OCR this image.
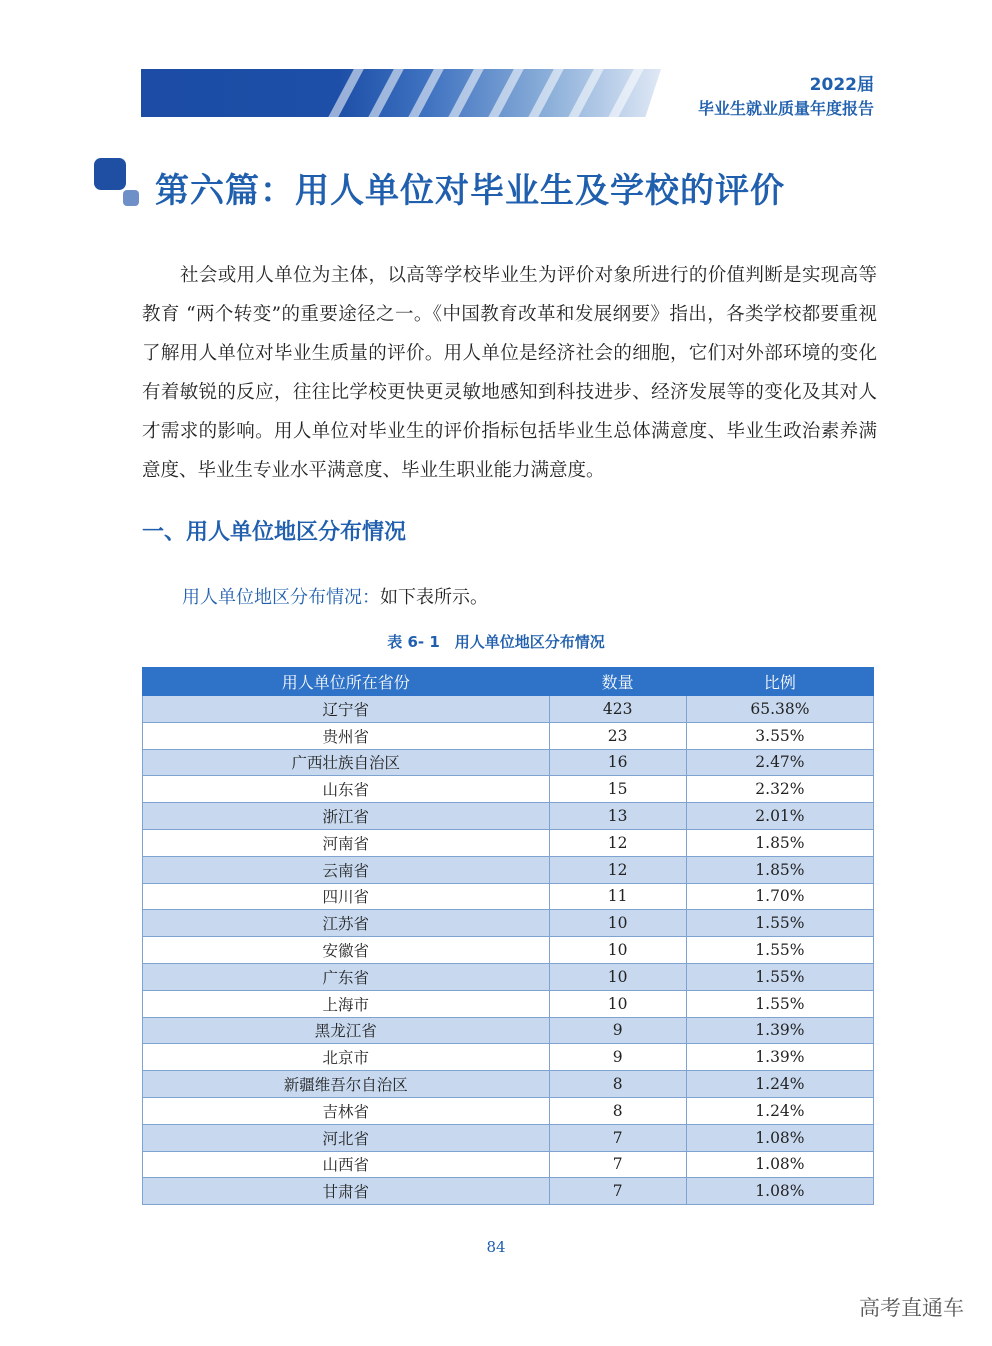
2022届
毕业生就业质量年度报告
第六篇：用人单位对毕业生及学校的评价

社会或用人单位为主体，以高等学校毕业生为评价对象所进行的价值判断是实现高等教育 “两个转变”的重要途径之一。《中国教育改革和发展纲要》指出，各类学校都要重视了解用人单位对毕业生质量的评价。用人单位是经济社会的细胞，它们对外部环境的变化有着敏锐的反应，往往比学校更快更灵敏地感知到科技进步、经济发展等的变化及其对人才需求的影响。用人单位对毕业生的评价指标包括毕业生总体满意度、毕业生政治素养满意度、毕业生专业水平满意度、毕业生职业能力满意度。

一、用人单位地区分布情况
用人单位地区分布情况：如下表所示。
表 6- 1　用人单位地区分布情况
用人单位所在省份	数量	比例
辽宁省	423	65.38%
贵州省	23	3.55%
广西壮族自治区	16	2.47%
山东省	15	2.32%
浙江省	13	2.01%
河南省	12	1.85%
云南省	12	1.85%
四川省	11	1.70%
江苏省	10	1.55%
安徽省	10	1.55%
广东省	10	1.55%
上海市	10	1.55%
黑龙江省	9	1.39%
北京市	9	1.39%
新疆维吾尔自治区	8	1.24%
吉林省	8	1.24%
河北省	7	1.08%
山西省	7	1.08%
甘肃省	7	1.08%
84
高考直通车
